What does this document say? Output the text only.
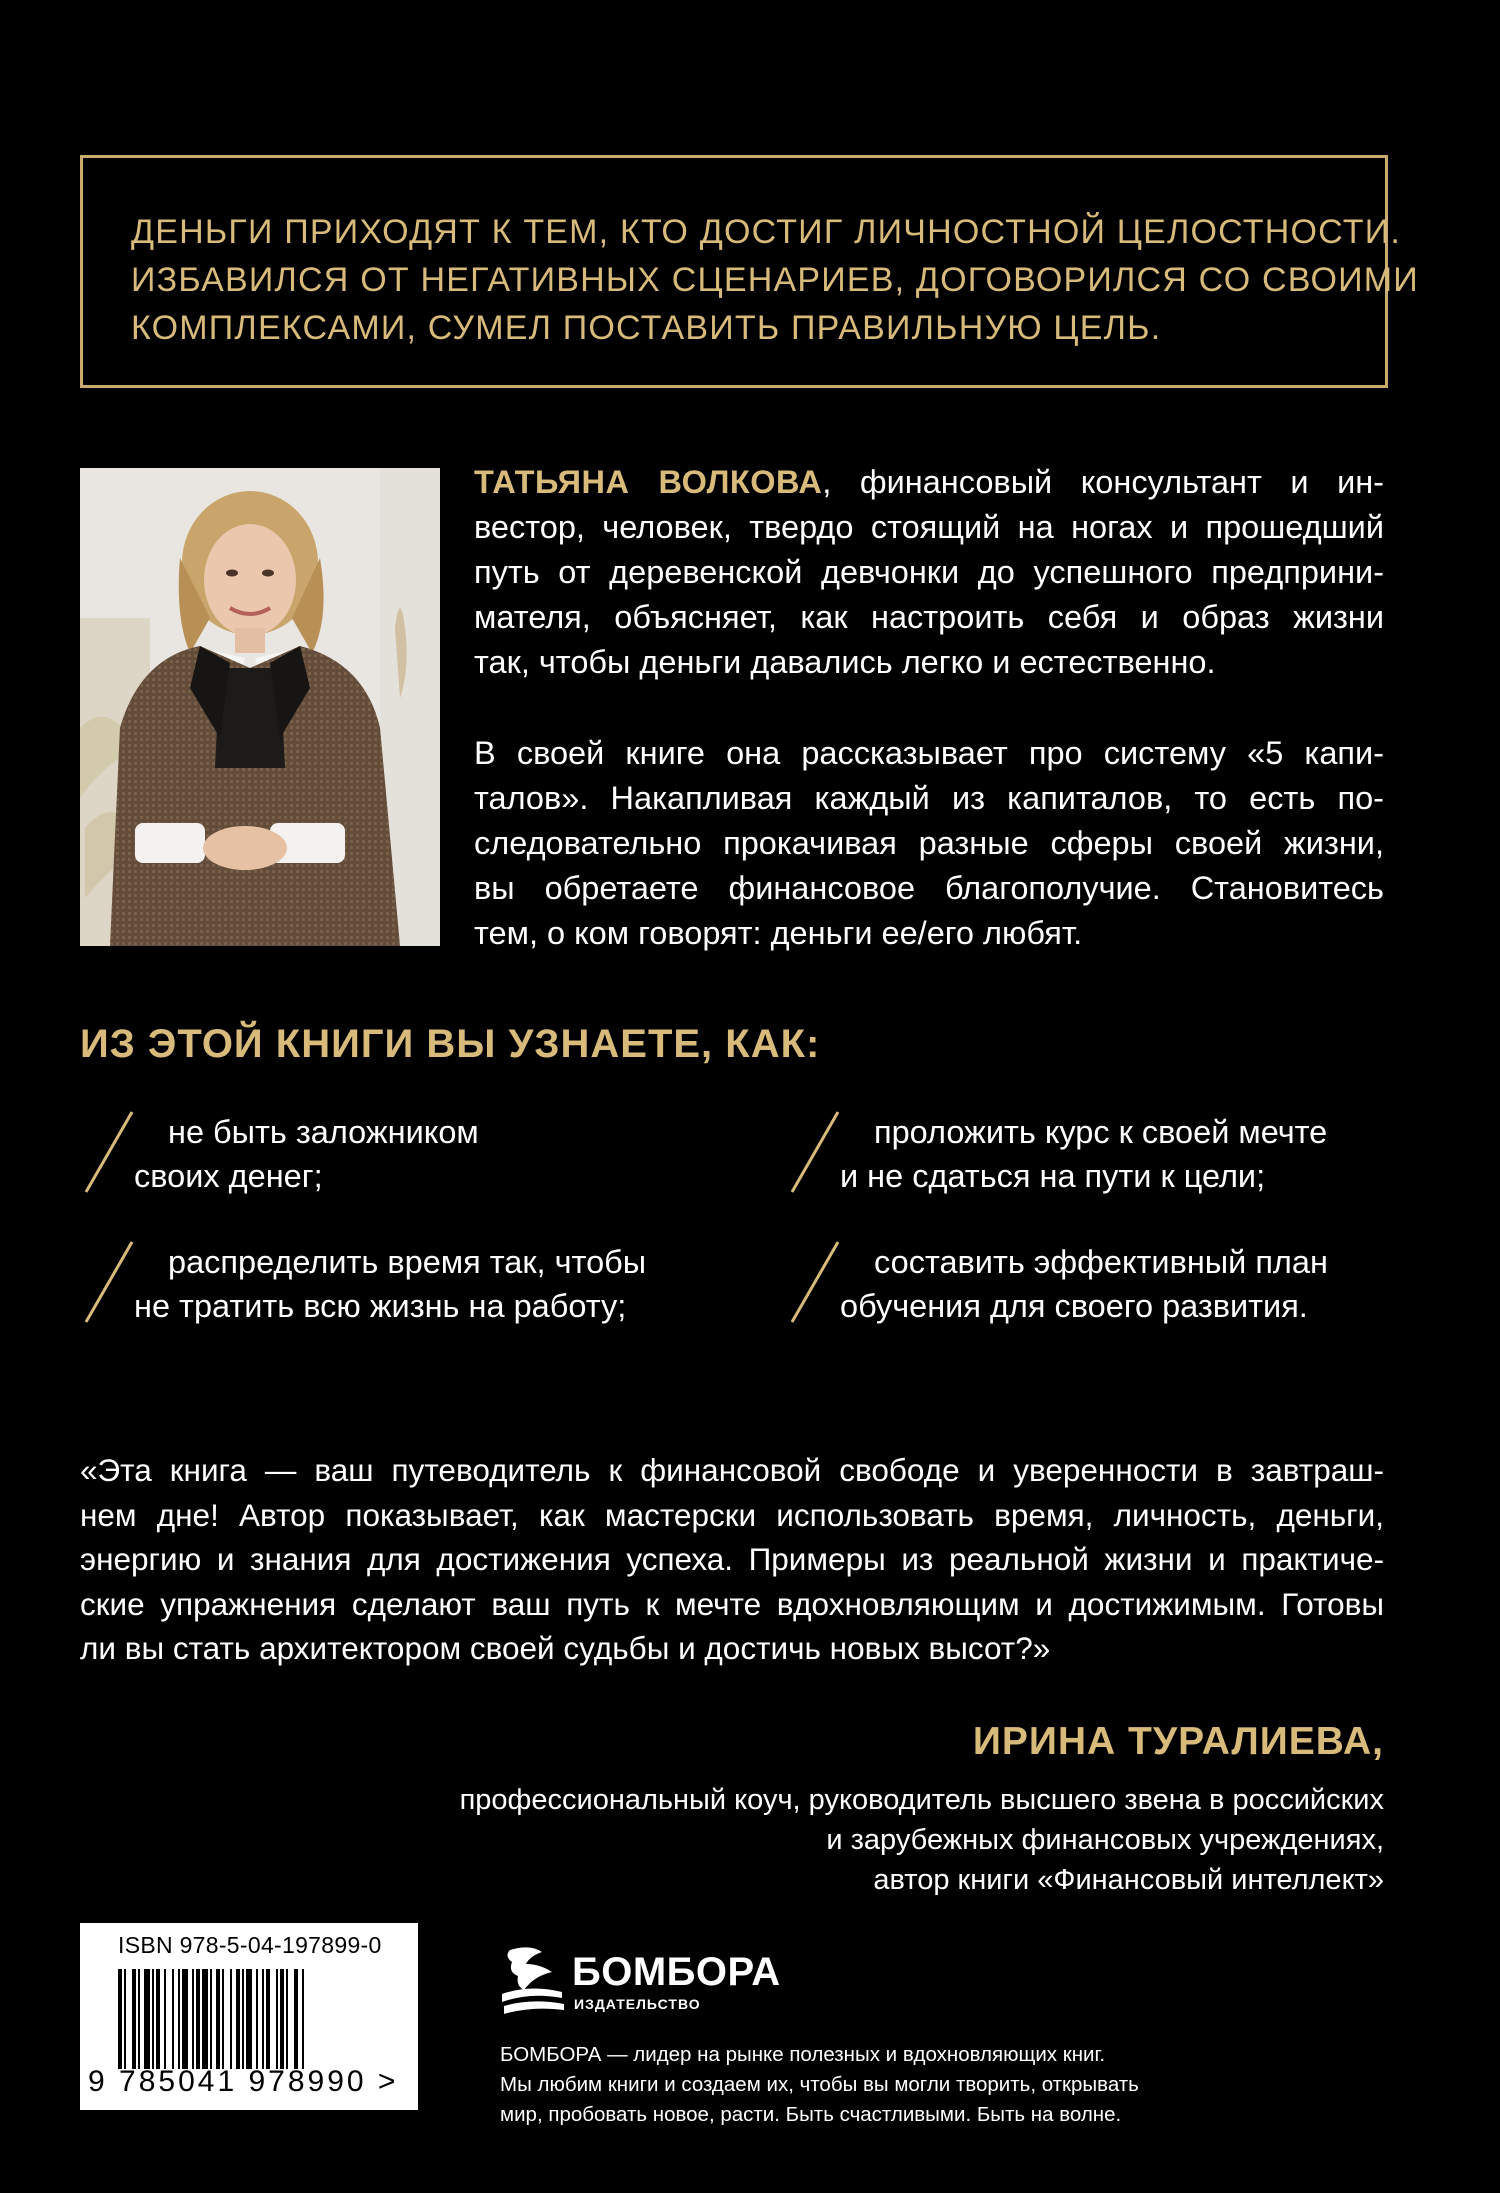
ДЕНЬГИ ПРИХОДЯТ К ТЕМ, КТО ДОСТИГ ЛИЧНОСТНОЙ ЦЕЛОСТНОСТИ.
ИЗБАВИЛСЯ ОТ НЕГАТИВНЫХ СЦЕНАРИЕВ, ДОГОВОРИЛСЯ СО СВОИМИ
КОМПЛЕКСАМИ, СУМЕЛ ПОСТАВИТЬ ПРАВИЛЬНУЮ ЦЕЛЬ.
ТАТЬЯНА ВОЛКОВА, финансовый консультант и ин-
вестор, человек, твердо стоящий на ногах и прошедший
путь от деревенской девчонки до успешного предприни-
мателя, объясняет, как настроить себя и образ жизни
так, чтобы деньги давались легко и естественно.
В своей книге она рассказывает про систему «5 капи-
талов». Накапливая каждый из капиталов, то есть по-
следовательно прокачивая разные сферы своей жизни,
вы обретаете финансовое благополучие. Становитесь
тем, о ком говорят: деньги ее/его любят.
ИЗ ЭТОЙ КНИГИ ВЫ УЗНАЕТЕ, КАК:
не быть заложником
своих денег;
проложить курс к своей мечте
и не сдаться на пути к цели;
распределить время так, чтобы
не тратить всю жизнь на работу;
составить эффективный план
обучения для своего развития.
«Эта книга — ваш путеводитель к финансовой свободе и уверенности в завтраш-
нем дне! Автор показывает, как мастерски использовать время, личность, деньги,
энергию и знания для достижения успеха. Примеры из реальной жизни и практиче-
ские упражнения сделают ваш путь к мечте вдохновляющим и достижимым. Готовы
ли вы стать архитектором своей судьбы и достичь новых высот?»
ИРИНА ТУРАЛИЕВА,
профессиональный коуч, руководитель высшего звена в российских
и зарубежных финансовых учреждениях,
автор книги «Финансовый интеллект»
ISBN 978-5-04-197899-0
9 785041 978990 >
БОМБОРА
ИЗДАТЕЛЬСТВО
БОМБОРА — лидер на рынке полезных и вдохновляющих книг.
Мы любим книги и создаем их, чтобы вы могли творить, открывать
мир, пробовать новое, расти. Быть счастливыми. Быть на волне.
